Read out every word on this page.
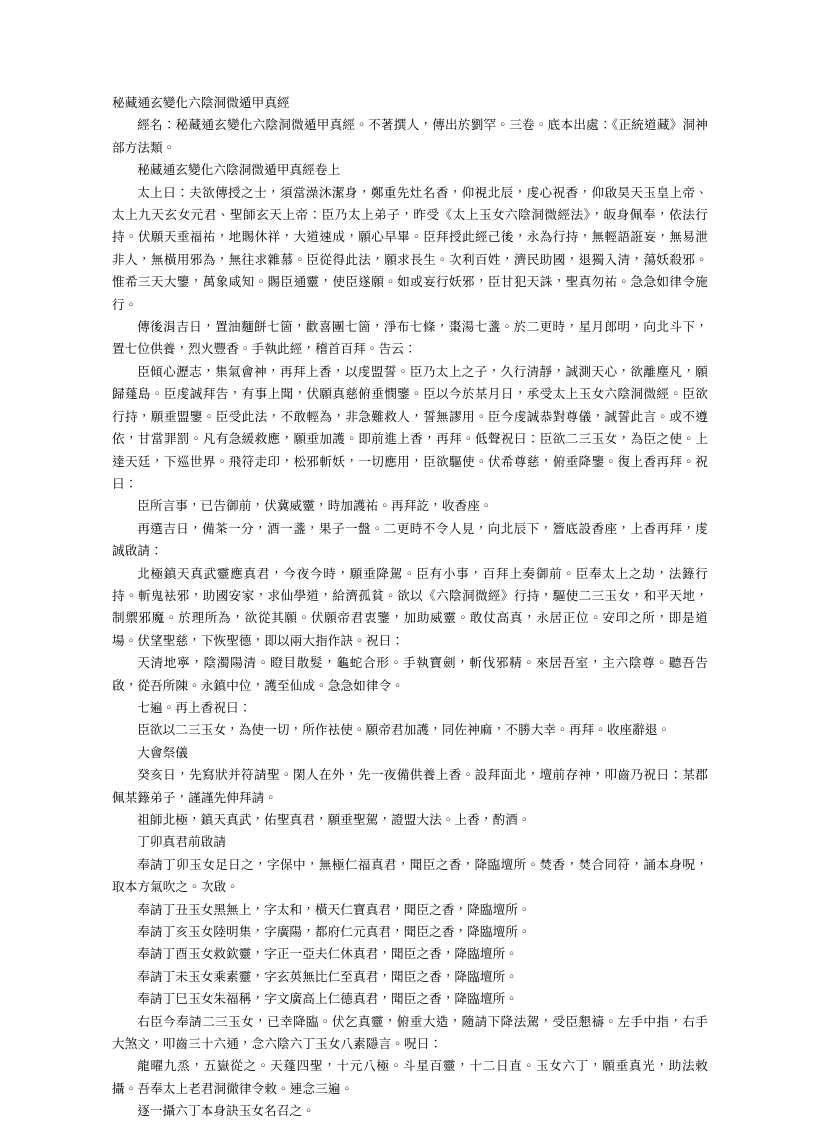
秘藏通玄變化六陰洞微遁甲真經

經名：秘藏通玄變化六陰洞微遁甲真經。不著撰人，傳出於劉罕。三卷。底本出處：《正統道藏》洞神部方法類。

秘藏通玄變化六陰洞微遁甲真經卷上

太上曰：夫欲傳授之士，須當澡沐潔身，鄭重先灶名香，仰視北辰，虔心祝香，仰啟昊天玉皇上帝、太上九天玄女元君、聖師玄天上帝：臣乃太上弟子，昨受《太上玉女六陰洞微經法》，皈身佩奉，依法行持。伏願天垂福祐，地賜休祥，大道速成，願心早畢。臣拜授此經己後，永為行持，無輕語誑妄，無易泄非人，無橫用邪為，無往求雜慕。臣從得此法，願求長生。次利百姓，濟民助國，退獨入清，蕩妖殺邪。惟希三天大鑒，萬象咸知。賜臣通靈，使臣遂願。如或妄行妖邪，臣甘犯天誅，聖真勿祐。急急如律令施行。

傳後涓吉日，置油麵餅七箇，歡喜團七箇，淨布七條，棗湯七盞。於二更時，星月郎明，向北斗下，置七位供養，烈火豐香。手執此經，稽首百拜。告云：

臣傾心瀝志，集氣會神，再拜上香，以虔盟誓。臣乃太上之子，久行清靜，誠測天心，欲離塵凡，願歸蓬島。臣虔誠拜告，有事上聞，伏願真慈俯垂憫鑒。臣以今於某月日，承受太上玉女六陰洞微經。臣欲行持，願垂盟鑒。臣受此法，不敢輕為，非急難救人，誓無謬用。臣今虔誠恭對尊儀，誠誓此言。或不遵依，甘當罪罰。凡有急緩救應，願垂加護。即前進上香，再拜。低聲祝曰：臣欲二三玉女，為臣之使。上達天廷，下巡世界。飛符走印，松邪斬妖，一切應用，臣欲驅使。伏希尊慈，俯垂降鑒。復上香再拜。祝曰：

臣所言事，已告御前，伏冀威靈，時加護祐。再拜訖，收香座。

再選吉日，備茶一分，酒一盞，果子一盤。二更時不令人見，向北辰下，簷底設香座，上香再拜，虔誠啟請：

北極鎮天真武靈應真君，今夜今時，願垂降駕。臣有小事，百拜上奏御前。臣奉太上之劫，法籙行持。斬鬼袪邪，助國安家，求仙學道，給濟孤貧。欲以《六陰洞微經》行持，驅使二三玉女，和平天地，制禦邪魔。於理所為，欲從其願。伏願帝君衷鑒，加助威靈。敢仗高真，永居正位。安印之所，即是道場。伏望聖慈，下恢聖德，即以兩大指作訣。祝曰：

天清地寧，陰濁陽清。瞪目散髮，龜蛇合形。手執寶劍，斬伐邪精。來居吾室，主六陰尊。聽吾告啟，從吾所陳。永鎮中位，護至仙成。急急如律令。

七遍。再上香祝曰：

臣欲以二三玉女，為使一切，所作袪使。願帝君加護，同佐神麻，不勝大幸。再拜。收座辭退。

大會祭儀

癸亥日，先寫狀并符請聖。閑人在外，先一夜備供養上香。設拜面北，壇前存神，叩齒乃祝曰：某郡佩某籙弟子，謹謹先伸拜請。

祖師北極，鎮天真武，佑聖真君，願垂聖駕，證盟大法。上香，酌酒。

丁卯真君前啟請

奉請丁卯玉女足日之，字保中，無極仁福真君，聞臣之香，降臨壇所。焚香，焚合同符，誦本身呪，取本方氣吹之。次啟。

奉請丁丑玉女黑無上，字太和，橫天仁寶真君，聞臣之香，降臨壇所。

奉請丁亥玉女陸明集，字廣陽，都府仁元真君，聞臣之香，降臨壇所。

奉請丁酉玉女救欽靈，字正一亞夫仁休真君，聞臣之香，降臨壇所。

奉請丁未玉女乘素靈，字玄英無比仁至真君，聞臣之香，降臨壇所。

奉請丁巳玉女朱福稱，字文廣高上仁德真君，聞臣之香，降臨壇所。

右臣今奉請二三玉女，已幸降臨。伏乞真靈，俯垂大造，隨請下降法駕，受臣懇禱。左手中指，右手大煞文，叩齒三十六通，念六陰六丁玉女八素隱言。呪曰：

龍曜九烝，五嶽從之。天蓬四聖，十元八極。斗星百靈，十二日直。玉女六丁，願垂真光，助法敕攝。吾奉太上老君洞徹律令敕。連念三遍。

逐一攝六丁本身訣玉女名召之。
